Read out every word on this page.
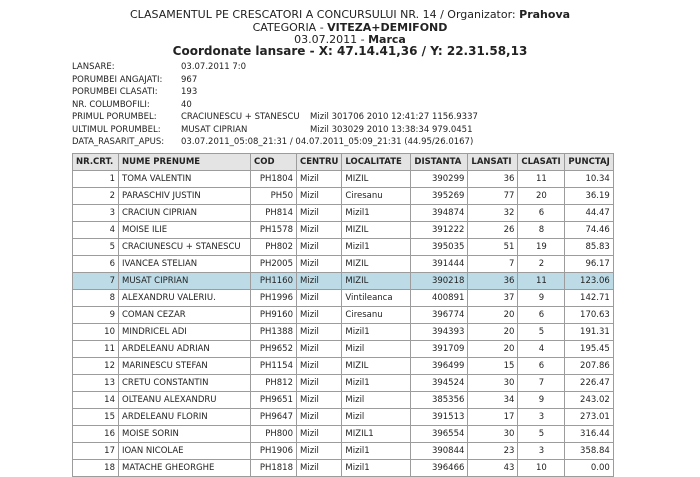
CLASAMENTUL PE CRESCATORI A CONCURSULUI NR. 14 / Organizator: Prahova
CATEGORIA - VITEZA+DEMIFOND
03.07.2011 - Marca
Coordonate lansare - X: 47.14.41,36 / Y: 22.31.58,13
LANSARE:	03.07.2011 7:0
PORUMBEI ANGAJATI: 967
PORUMBEI CLASATI:	193
NR. COLUMBOFILI:	40
PRIMUL PORUMBEL:	CRACIUNESCU + STANESCU Mizil 301706 2010 12:41:27 1156.9337
ULTIMUL PORUMBEL: MUSAT CIPRIAN	Mizil 303029 2010 13:38:34 979.0451
DATA_RASARIT_APUS: 03.07.2011_05:08_21:31 / 04.07.2011_05:09_21:31 (44.95/26.0167)
NR.CRT.	NUME PRENUME	COD	CENTRU	LOCALITATE	DISTANTA	LANSATI	CLASATI	PUNCTAJ
1	TOMA VALENTIN	PH1804	Mizil	MIZIL	390299	36	11	10.34
2	PARASCHIV JUSTIN	PH50	Mizil	Ciresanu	395269	77	20	36.19
3	CRACIUN CIPRIAN	PH814	Mizil	Mizil1	394874	32	6	44.47
4	MOISE ILIE	PH1578	Mizil	MIZIL	391222	26	8	74.46
5	CRACIUNESCU + STANESCU	PH802	Mizil	Mizil1	395035	51	19	85.83
6	IVANCEA STELIAN	PH2005	Mizil	MIZIL	391444	7	2	96.17
7	MUSAT CIPRIAN	PH1160	Mizil	MIZIL	390218	36	11	123.06
8	ALEXANDRU VALERIU.	PH1996	Mizil	Vintileanca	400891	37	9	142.71
9	COMAN CEZAR	PH9160	Mizil	Ciresanu	396774	20	6	170.63
10	MINDRICEL ADI	PH1388	Mizil	Mizil1	394393	20	5	191.31
11	ARDELEANU ADRIAN	PH9652	Mizil	Mizil	391709	20	4	195.45
12	MARINESCU STEFAN	PH1154	Mizil	MIZIL	396499	15	6	207.86
13	CRETU CONSTANTIN	PH812	Mizil	Mizil1	394524	30	7	226.47
14	OLTEANU ALEXANDRU	PH9651	Mizil	Mizil	385356	34	9	243.02
15	ARDELEANU FLORIN	PH9647	Mizil	Mizil	391513	17	3	273.01
16	MOISE SORIN	PH800	Mizil	MIZIL1	396554	30	5	316.44
17	IOAN NICOLAE	PH1906	Mizil	Mizil1	390844	23	3	358.84
18	MATACHE GHEORGHE	PH1818	Mizil	Mizil1	396466	43	10	0.00
